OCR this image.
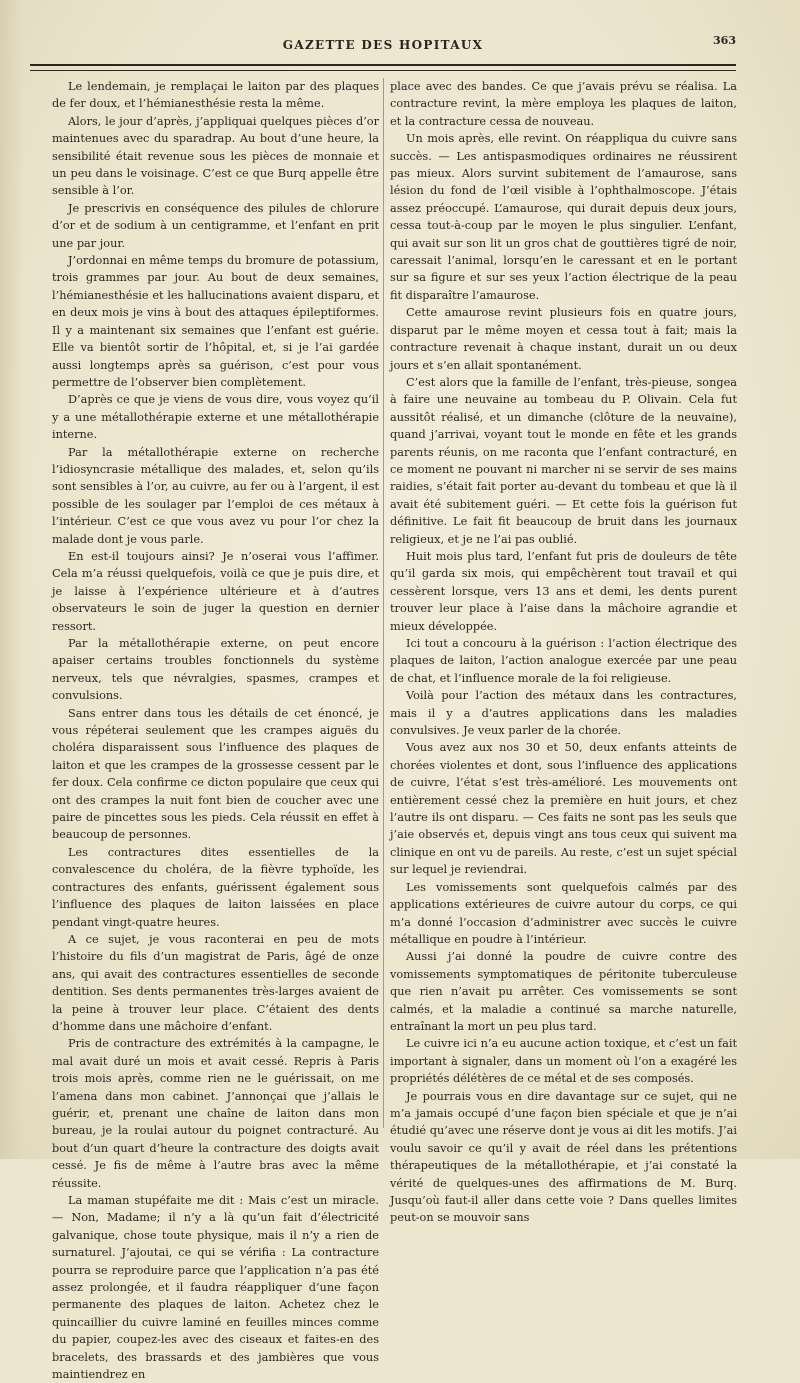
GAZETTE DES HOPITAUX	363

Le lendemain, je remplaçai le laiton par des plaques de fer doux, et l’hémianesthésie resta la même.

Alors, le jour d’après, j’appliquai quelques pièces d’or maintenues avec du sparadrap. Au bout d’une heure, la sensibilité était revenue sous les pièces de monnaie et un peu dans le voisinage. C’est ce que Burq appelle être sensible à l’or.

Je prescrivis en conséquence des pilules de chlorure d’or et de sodium à un centigramme, et l’enfant en prit une par jour.

J’ordonnai en même temps du bromure de potassium, trois grammes par jour. Au bout de deux semaines, l’hémianesthésie et les hallucinations avaient disparu, et en deux mois je vins à bout des attaques épileptiformes. Il y a maintenant six semaines que l’enfant est guérie. Elle va bientôt sortir de l’hôpital, et, si je l’ai gardée aussi longtemps après sa guérison, c’est pour vous permettre de l’observer bien complètement.

D’après ce que je viens de vous dire, vous voyez qu’il y a une métallothérapie externe et une métallothérapie interne.

Par la métallothérapie externe on recherche l’idiosyncrasie métallique des malades, et, selon qu’ils sont sensibles à l’or, au cuivre, au fer ou à l’argent, il est possible de les soulager par l’emploi de ces métaux à l’intérieur. C’est ce que vous avez vu pour l’or chez la malade dont je vous parle.

En est-il toujours ainsi? Je n’oserai vous l’affimer. Cela m’a réussi quelquefois, voilà ce que je puis dire, et je laisse à l’expérience ultérieure et à d’autres observateurs le soin de juger la question en dernier ressort.

Par la métallothérapie externe, on peut encore apaiser certains troubles fonctionnels du système nerveux, tels que névralgies, spasmes, crampes et convulsions.

Sans entrer dans tous les détails de cet énoncé, je vous répéterai seulement que les crampes aiguës du choléra disparaissent sous l’influence des plaques de laiton et que les crampes de la grossesse cessent par le fer doux. Cela confirme ce dicton populaire que ceux qui ont des crampes la nuit font bien de coucher avec une paire de pincettes sous les pieds. Cela réussit en effet à beaucoup de personnes.

Les contractures dites essentielles de la convalescence du choléra, de la fièvre typhoïde, les contractures des enfants, guérissent également sous l’influence des plaques de laiton laissées en place pendant vingt-quatre heures.

A ce sujet, je vous raconterai en peu de mots l’histoire du fils d’un magistrat de Paris, âgé de onze ans, qui avait des contractures essentielles de seconde dentition. Ses dents permanentes très-larges avaient de la peine à trouver leur place. C’étaient des dents d’homme dans une mâchoire d’enfant.

Pris de contracture des extrémités à la campagne, le mal avait duré un mois et avait cessé. Repris à Paris trois mois après, comme rien ne le guérissait, on me l’amena dans mon cabinet. J’annonçai que j’allais le guérir, et, prenant une chaîne de laiton dans mon bureau, je la roulai autour du poignet contracturé. Au bout d’un quart d’heure la contracture des doigts avait cessé. Je fis de même à l’autre bras avec la même réussite.

La maman stupéfaite me dit : Mais c’est un miracle. — Non, Madame; il n’y a là qu’un fait d’électricité galvanique, chose toute physique, mais il n’y a rien de surnaturel. J’ajoutai, ce qui se vérifia : La contracture pourra se reproduire parce que l’application n’a pas été assez prolongée, et il faudra réappliquer d’une façon permanente des plaques de laiton. Achetez chez le quincaillier du cuivre laminé en feuilles minces comme du papier, coupez-les avec des ciseaux et faites-en des bracelets, des brassards et des jambières que vous maintiendrez en

place avec des bandes. Ce que j’avais prévu se réalisa. La contracture revint, la mère employa les plaques de laiton, et la contracture cessa de nouveau.

Un mois après, elle revint. On réappliqua du cuivre sans succès. — Les antispasmodiques ordinaires ne réussirent pas mieux. Alors survint subitement de l’amaurose, sans lésion du fond de l’œil visible à l’ophthalmoscope. J’étais assez préoccupé. L’amaurose, qui durait depuis deux jours, cessa tout-à-coup par le moyen le plus singulier. L’enfant, qui avait sur son lit un gros chat de gouttières tigré de noir, caressait l’animal, lorsqu’en le caressant et en le portant sur sa figure et sur ses yeux l’action électrique de la peau fit disparaître l’amaurose.

Cette amaurose revint plusieurs fois en quatre jours, disparut par le même moyen et cessa tout à fait; mais la contracture revenait à chaque instant, durait un ou deux jours et s’en allait spontanément.

C’est alors que la famille de l’enfant, très-pieuse, songea à faire une neuvaine au tombeau du P. Olivain. Cela fut aussitôt réalisé, et un dimanche (clôture de la neuvaine), quand j’arrivai, voyant tout le monde en fête et les grands parents réunis, on me raconta que l’enfant contracturé, en ce moment ne pouvant ni marcher ni se servir de ses mains raidies, s’était fait porter au-devant du tombeau et que là il avait été subitement guéri. — Et cette fois la guérison fut définitive. Le fait fit beaucoup de bruit dans les journaux religieux, et je ne l’ai pas oublié.

Huit mois plus tard, l’enfant fut pris de douleurs de tête qu’il garda six mois, qui empêchèrent tout travail et qui cessèrent lorsque, vers 13 ans et demi, les dents purent trouver leur place à l’aise dans la mâchoire agrandie et mieux développée.

Ici tout a concouru à la guérison : l’action électrique des plaques de laiton, l’action analogue exercée par une peau de chat, et l’influence morale de la foi religieuse.

Voilà pour l’action des métaux dans les contractures, mais il y a d’autres applications dans les maladies convulsives. Je veux parler de la chorée.

Vous avez aux nos 30 et 50, deux enfants atteints de chorées violentes et dont, sous l’influence des applications de cuivre, l’état s’est très-amélioré. Les mouvements ont entièrement cessé chez la première en huit jours, et chez l’autre ils ont disparu. — Ces faits ne sont pas les seuls que j’aie observés et, depuis vingt ans tous ceux qui suivent ma clinique en ont vu de pareils. Au reste, c’est un sujet spécial sur lequel je reviendrai.

Les vomissements sont quelquefois calmés par des applications extérieures de cuivre autour du corps, ce qui m’a donné l’occasion d’administrer avec succès le cuivre métallique en poudre à l’intérieur.

Aussi j’ai donné la poudre de cuivre contre des vomissements symptomatiques de péritonite tuberculeuse que rien n’avait pu arrêter. Ces vomissements se sont calmés, et la maladie a continué sa marche naturelle, entraînant la mort un peu plus tard.

Le cuivre ici n’a eu aucune action toxique, et c’est un fait important à signaler, dans un moment où l’on a exagéré les propriétés délétères de ce métal et de ses composés.

Je pourrais vous en dire davantage sur ce sujet, qui ne m’a jamais occupé d’une façon bien spéciale et que je n’ai étudié qu’avec une réserve dont je vous ai dit les motifs. J’ai voulu savoir ce qu’il y avait de réel dans les prétentions thérapeutiques de la métallothérapie, et j’ai constaté la vérité de quelques-unes des affirmations de M. Burq. Jusqu’où faut-il aller dans cette voie ? Dans quelles limites peut-on se mouvoir sans
